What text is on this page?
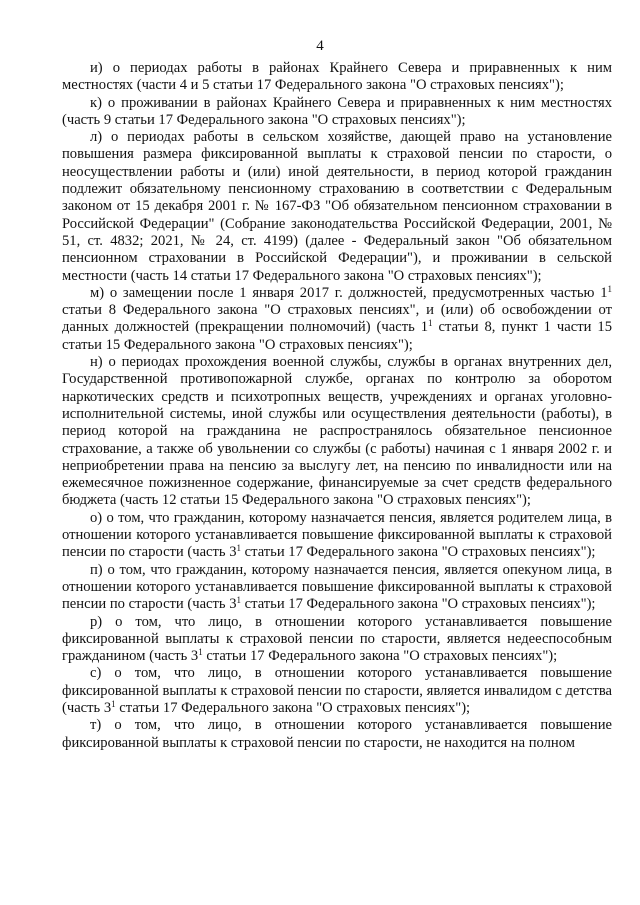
4

и) о периодах работы в районах Крайнего Севера и приравненных к ним местностях (части 4 и 5 статьи 17 Федерального закона "О страховых пенсиях");

к) о проживании в районах Крайнего Севера и приравненных к ним местностях (часть 9 статьи 17 Федерального закона "О страховых пенсиях");

л) о периодах работы в сельском хозяйстве, дающей право на установление повышения размера фиксированной выплаты к страховой пенсии по старости, о неосуществлении работы и (или) иной деятельности, в период которой гражданин подлежит обязательному пенсионному страхованию в соответствии с Федеральным законом от 15 декабря 2001 г. № 167-ФЗ "Об обязательном пенсионном страховании в Российской Федерации" (Собрание законодательства Российской Федерации, 2001, № 51, ст. 4832; 2021, № 24, ст. 4199) (далее - Федеральный закон "Об обязательном пенсионном страховании в Российской Федерации"), и проживании в сельской местности (часть 14 статьи 17 Федерального закона "О страховых пенсиях");

м) о замещении после 1 января 2017 г. должностей, предусмотренных частью $1^1$ статьи 8 Федерального закона "О страховых пенсиях", и (или) об освобождении от данных должностей (прекращении полномочий) (часть $1^1$ статьи 8, пункт 1 части 15 статьи 15 Федерального закона "О страховых пенсиях");

н) о периодах прохождения военной службы, службы в органах внутренних дел, Государственной противопожарной службе, органах по контролю за оборотом наркотических средств и психотропных веществ, учреждениях и органах уголовно-исполнительной системы, иной службы или осуществления деятельности (работы), в период которой на гражданина не распространялось обязательное пенсионное страхование, а также об увольнении со службы (с работы) начиная с 1 января 2002 г. и неприобретении права на пенсию за выслугу лет, на пенсию по инвалидности или на ежемесячное пожизненное содержание, финансируемые за счет средств федерального бюджета (часть 12 статьи 15 Федерального закона "О страховых пенсиях");

о) о том, что гражданин, которому назначается пенсия, является родителем лица, в отношении которого устанавливается повышение фиксированной выплаты к страховой пенсии по старости (часть $3^1$ статьи 17 Федерального закона "О страховых пенсиях");

п) о том, что гражданин, которому назначается пенсия, является опекуном лица, в отношении которого устанавливается повышение фиксированной выплаты к страховой пенсии по старости (часть $3^1$ статьи 17 Федерального закона "О страховых пенсиях");

р) о том, что лицо, в отношении которого устанавливается повышение фиксированной выплаты к страховой пенсии по старости, является недееспособным гражданином (часть $3^1$ статьи 17 Федерального закона "О страховых пенсиях");

с) о том, что лицо, в отношении которого устанавливается повышение фиксированной выплаты к страховой пенсии по старости, является инвалидом с детства (часть $3^1$ статьи 17 Федерального закона "О страховых пенсиях");

т) о том, что лицо, в отношении которого устанавливается повышение фиксированной выплаты к страховой пенсии по старости, не находится на полном
